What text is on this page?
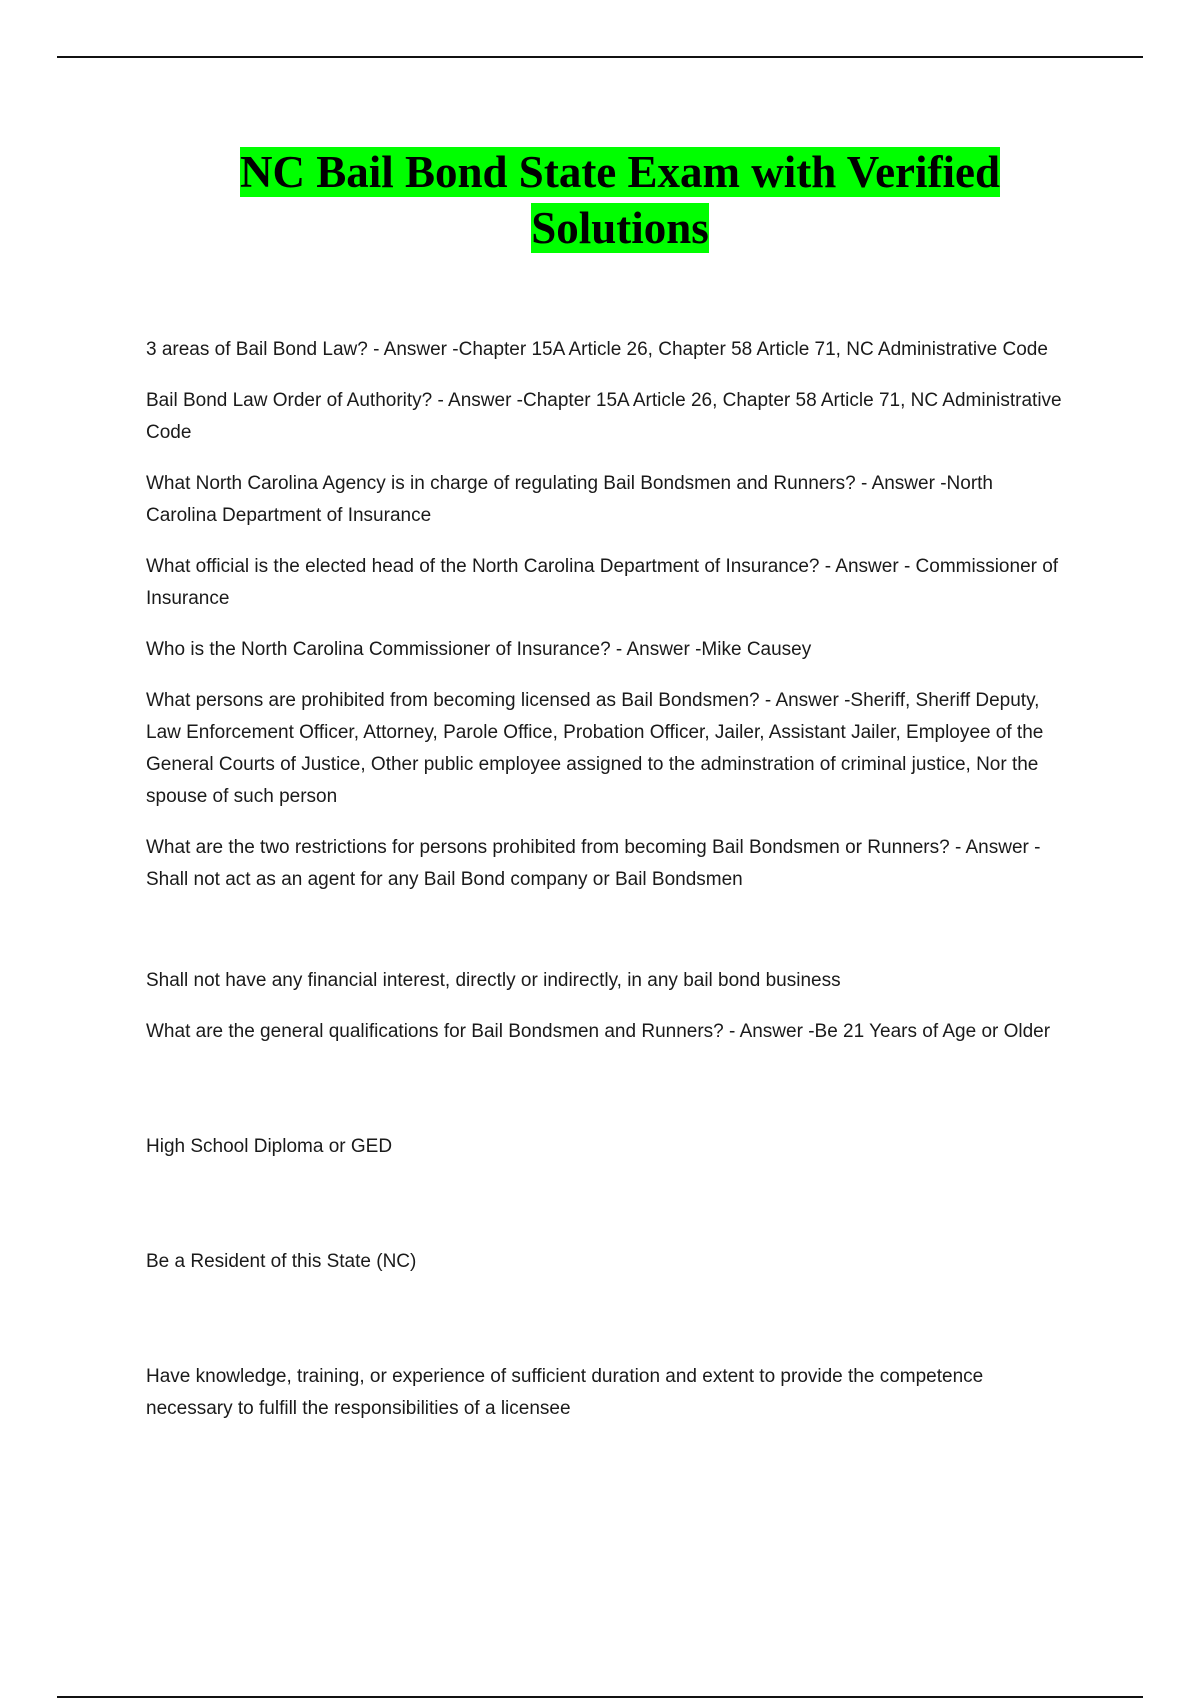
NC Bail Bond State Exam with Verified
Solutions

3 areas of Bail Bond Law? - Answer -Chapter 15A Article 26, Chapter 58 Article 71, NC Administrative Code

Bail Bond Law Order of Authority? - Answer -Chapter 15A Article 26, Chapter 58 Article 71, NC Administrative Code

What North Carolina Agency is in charge of regulating Bail Bondsmen and Runners? - Answer -North Carolina Department of Insurance

What official is the elected head of the North Carolina Department of Insurance? - Answer - Commissioner of Insurance

Who is the North Carolina Commissioner of Insurance? - Answer -Mike Causey

What persons are prohibited from becoming licensed as Bail Bondsmen? - Answer -Sheriff, Sheriff Deputy, Law Enforcement Officer, Attorney, Parole Office, Probation Officer, Jailer, Assistant Jailer, Employee of the General Courts of Justice, Other public employee assigned to the adminstration of criminal justice, Nor the spouse of such person

What are the two restrictions for persons prohibited from becoming Bail Bondsmen or Runners? - Answer -Shall not act as an agent for any Bail Bond company or Bail Bondsmen

Shall not have any financial interest, directly or indirectly, in any bail bond business

What are the general qualifications for Bail Bondsmen and Runners? - Answer -Be 21 Years of Age or Older

High School Diploma or GED

Be a Resident of this State (NC)

Have knowledge, training, or experience of sufficient duration and extent to provide the competence necessary to fulfill the responsibilities of a licensee
